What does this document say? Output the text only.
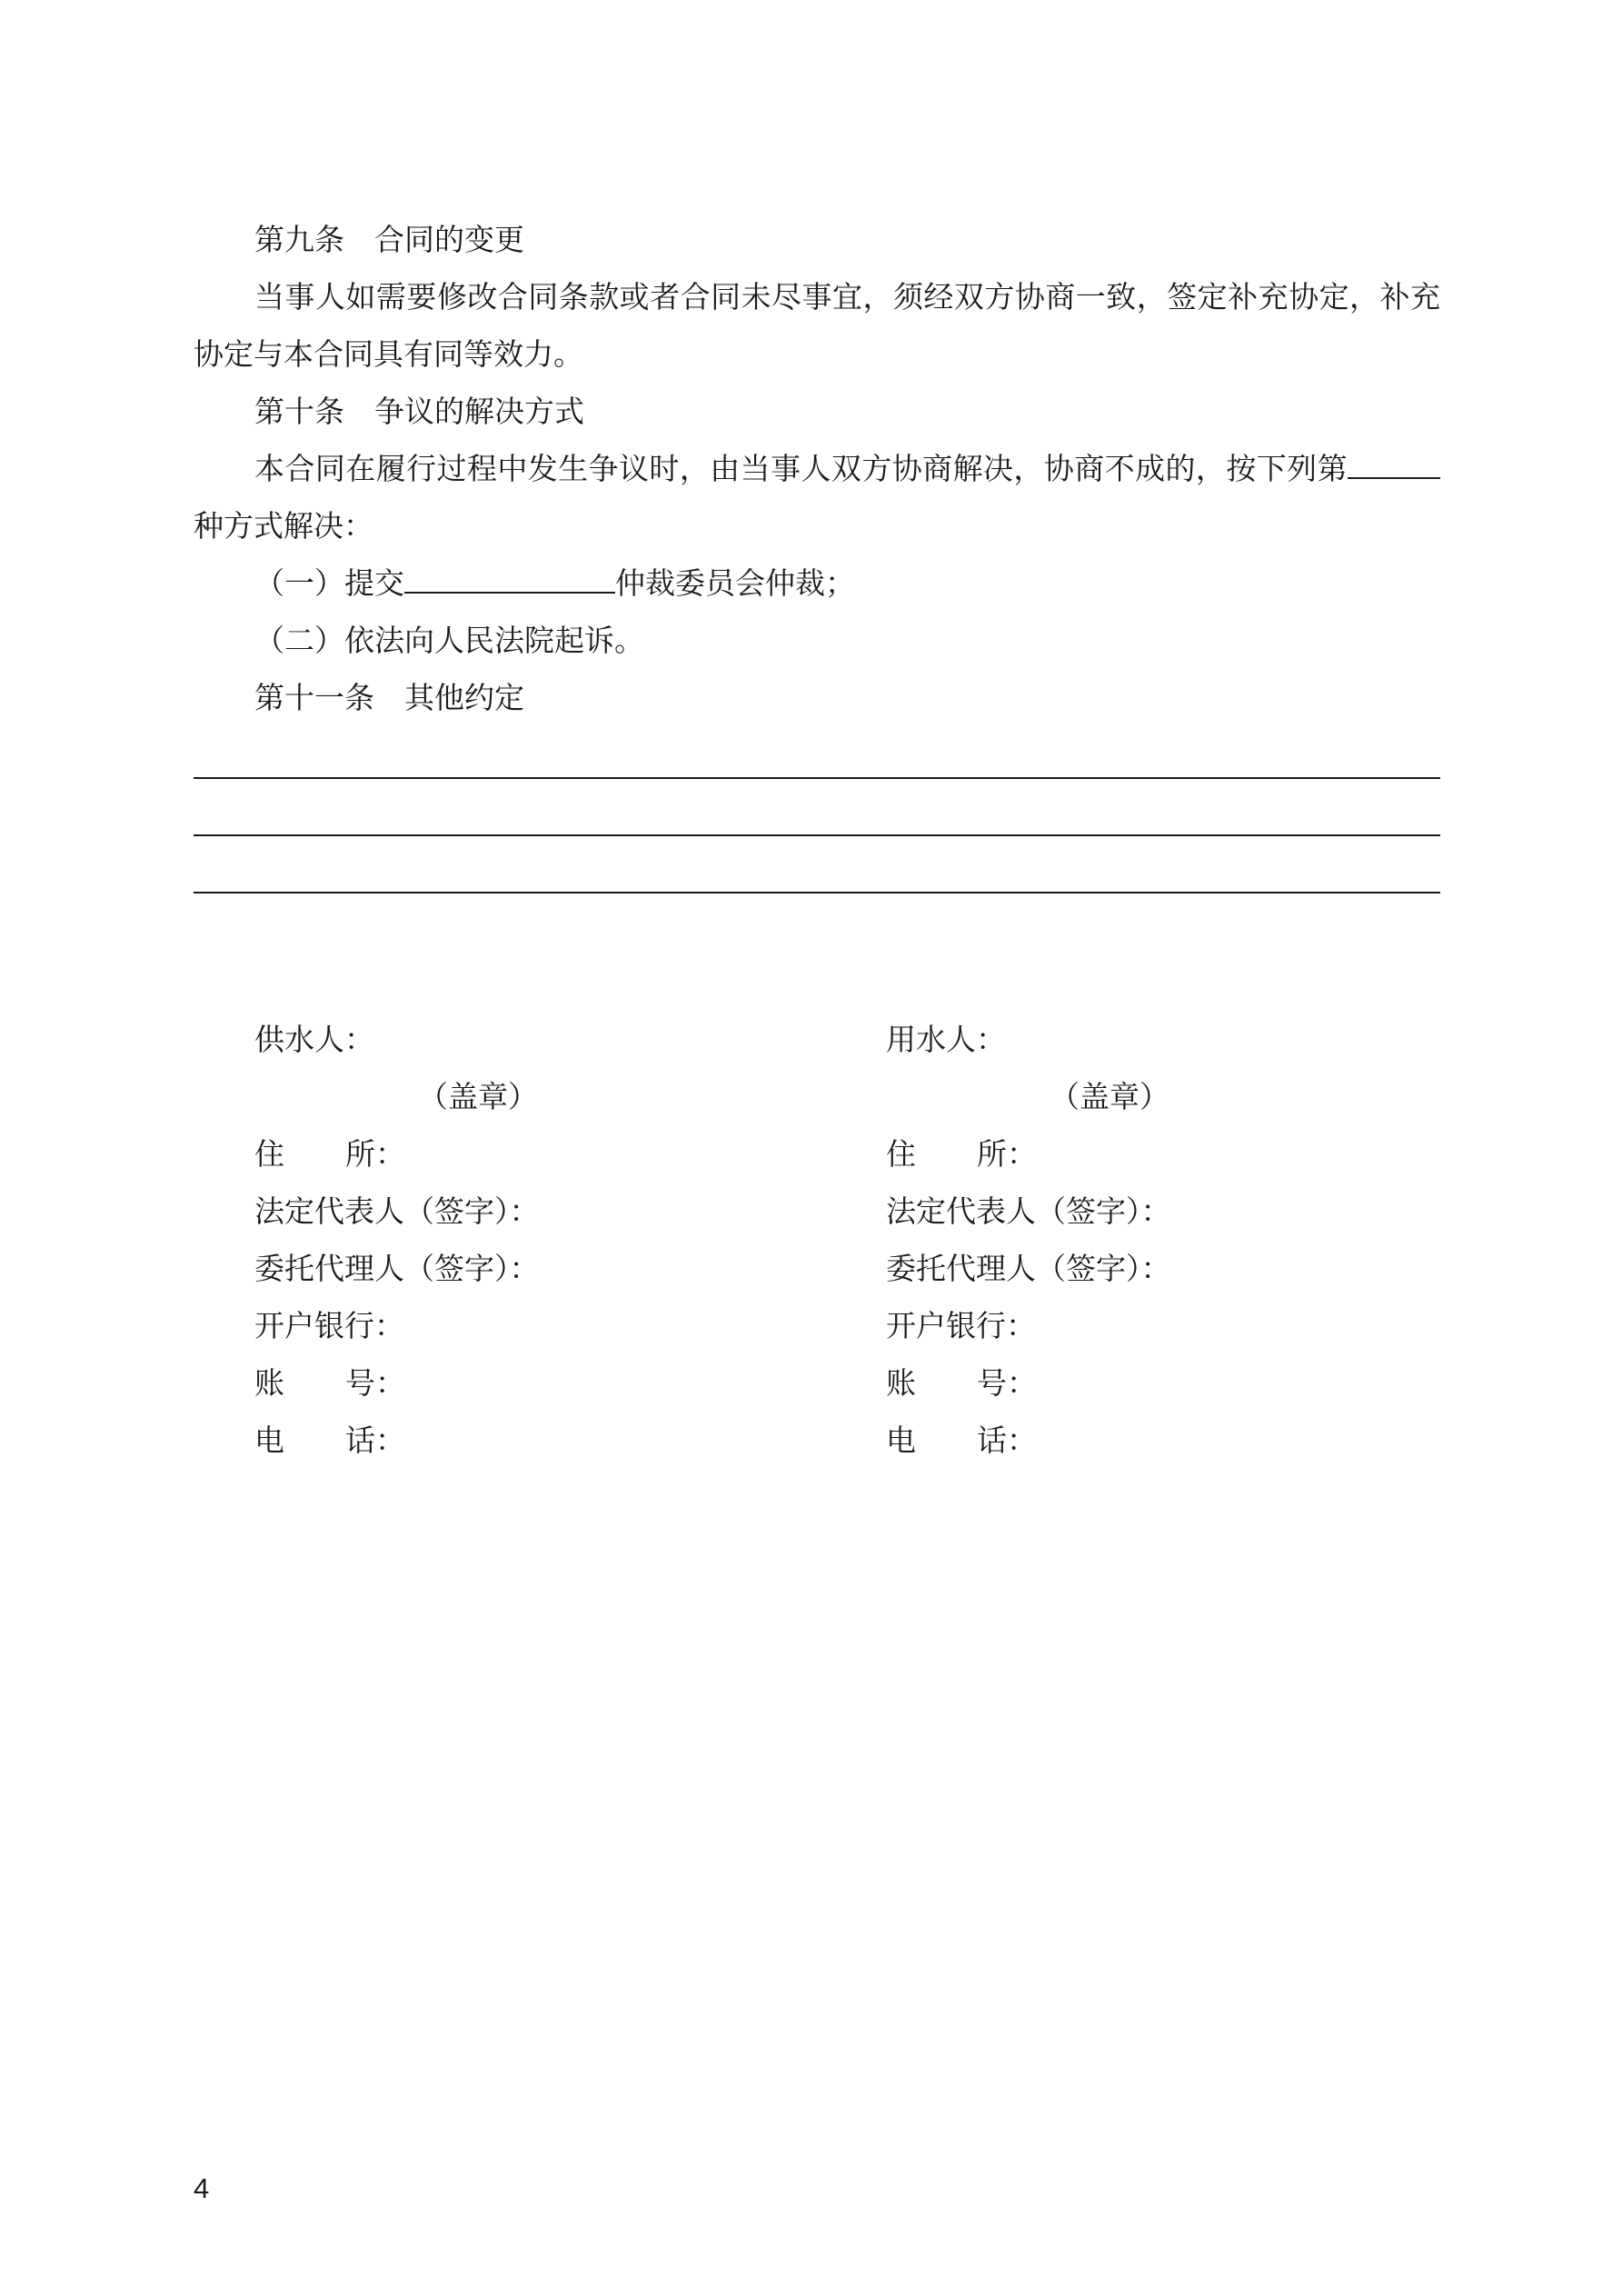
第九条 合同的变更

当事人如需要修改合同条款或者合同未尽事宜，须经双方协商一致，签定补充协定，补充协定与本合同具有同等效力。

第十条 争议的解决方式

本合同在履行过程中发生争议时，由当事人双方协商解决，协商不成的，按下列第种方式解决：

（一）提交	仲裁委员会仲裁；

（二）依法向人民法院起诉。

第十一条 其他约定

供水人：

（盖章）

住 所：

法定代表人（签字）：

委托代理人（签字）：

开户银行：

账 号：

电 话：

用水人：

（盖章）

住 所：

法定代表人（签字）：

委托代理人（签字）：

开户银行：

账 号：

电 话：

4
